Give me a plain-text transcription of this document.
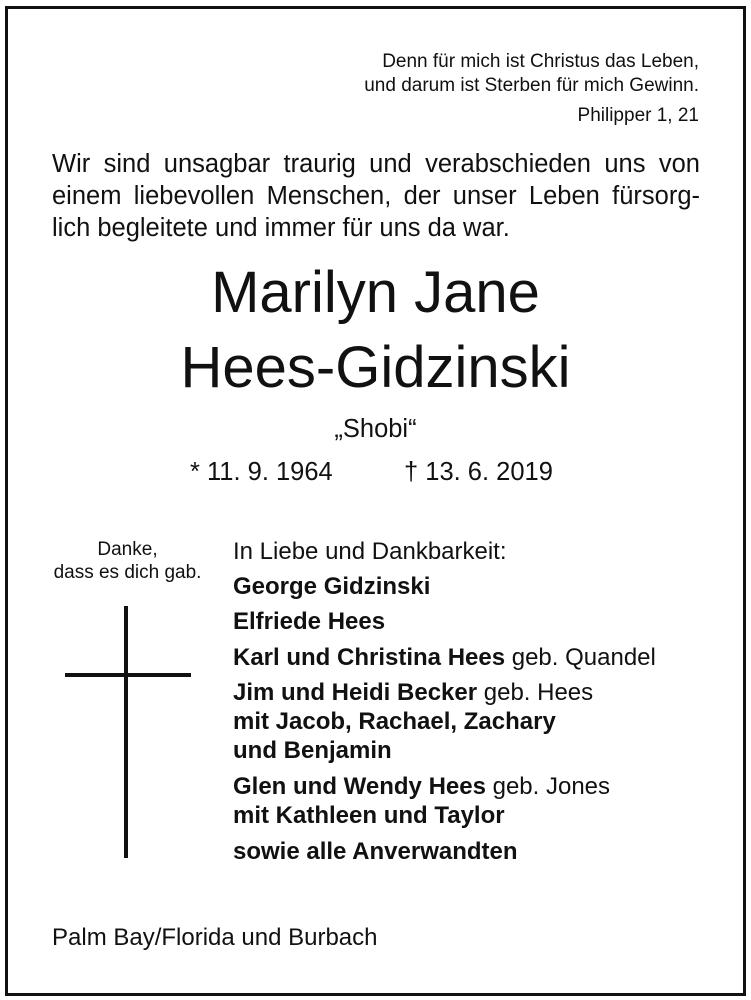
Denn für mich ist Christus das Leben,
und darum ist Sterben für mich Gewinn.
Philipper 1, 21
Wir sind unsagbar traurig und verabschieden uns von
einem liebevollen Menschen, der unser Leben fürsorg-
lich begleitete und immer für uns da war.
Marilyn Jane
Hees-Gidzinski
„Shobi“
* 11. 9. 1964	† 13. 6. 2019
Danke,
dass es dich gab.
In Liebe und Dankbarkeit:
George Gidzinski
Elfriede Hees
Karl und Christina Hees geb. Quandel
Jim und Heidi Becker geb. Hees
mit Jacob, Rachael, Zachary
und Benjamin
Glen und Wendy Hees geb. Jones
mit Kathleen und Taylor
sowie alle Anverwandten
Palm Bay/Florida und Burbach
